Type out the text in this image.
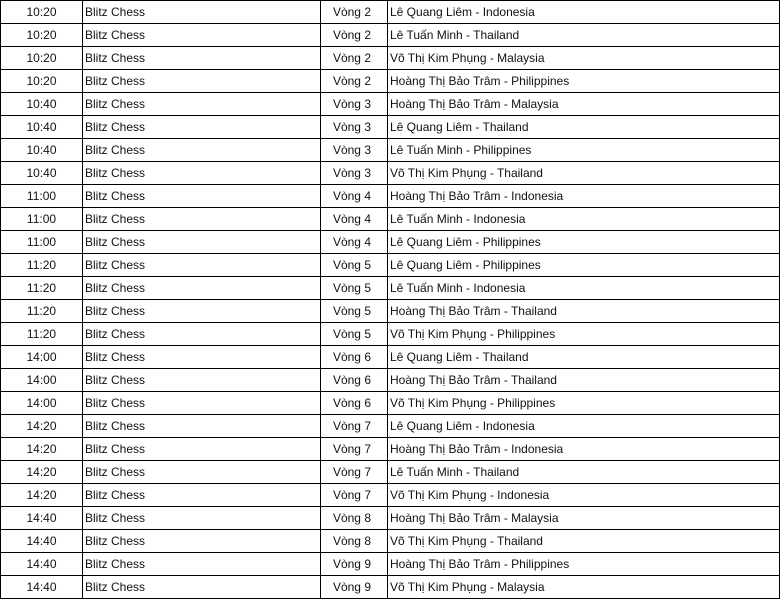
10:20	Blitz Chess	Vòng 2	Lê Quang Liêm - Indonesia
10:20	Blitz Chess	Vòng 2	Lê Tuấn Minh - Thailand
10:20	Blitz Chess	Vòng 2	Võ Thị Kim Phụng - Malaysia
10:20	Blitz Chess	Vòng 2	Hoàng Thị Bảo Trâm - Philippines
10:40	Blitz Chess	Vòng 3	Hoàng Thị Bảo Trâm - Malaysia
10:40	Blitz Chess	Vòng 3	Lê Quang Liêm - Thailand
10:40	Blitz Chess	Vòng 3	Lê Tuấn Minh - Philippines
10:40	Blitz Chess	Vòng 3	Võ Thị Kim Phụng - Thailand
11:00	Blitz Chess	Vòng 4	Hoàng Thị Bảo Trâm - Indonesia
11:00	Blitz Chess	Vòng 4	Lê Tuấn Minh - Indonesia
11:00	Blitz Chess	Vòng 4	Lê Quang Liêm - Philippines
11:20	Blitz Chess	Vòng 5	Lê Quang Liêm - Philippines
11:20	Blitz Chess	Vòng 5	Lê Tuấn Minh - Indonesia
11:20	Blitz Chess	Vòng 5	Hoàng Thị Bảo Trâm - Thailand
11:20	Blitz Chess	Vòng 5	Võ Thị Kim Phụng - Philippines
14:00	Blitz Chess	Vòng 6	Lê Quang Liêm - Thailand
14:00	Blitz Chess	Vòng 6	Hoàng Thị Bảo Trâm - Thailand
14:00	Blitz Chess	Vòng 6	Võ Thị Kim Phụng - Philippines
14:20	Blitz Chess	Vòng 7	Lê Quang Liêm - Indonesia
14:20	Blitz Chess	Vòng 7	Hoàng Thị Bảo Trâm - Indonesia
14:20	Blitz Chess	Vòng 7	Lê Tuấn Minh - Thailand
14:20	Blitz Chess	Vòng 7	Võ Thị Kim Phụng - Indonesia
14:40	Blitz Chess	Vòng 8	Hoàng Thị Bảo Trâm - Malaysia
14:40	Blitz Chess	Vòng 8	Võ Thị Kim Phụng - Thailand
14:40	Blitz Chess	Vòng 9	Hoàng Thị Bảo Trâm - Philippines
14:40	Blitz Chess	Vòng 9	Võ Thị Kim Phụng - Malaysia
